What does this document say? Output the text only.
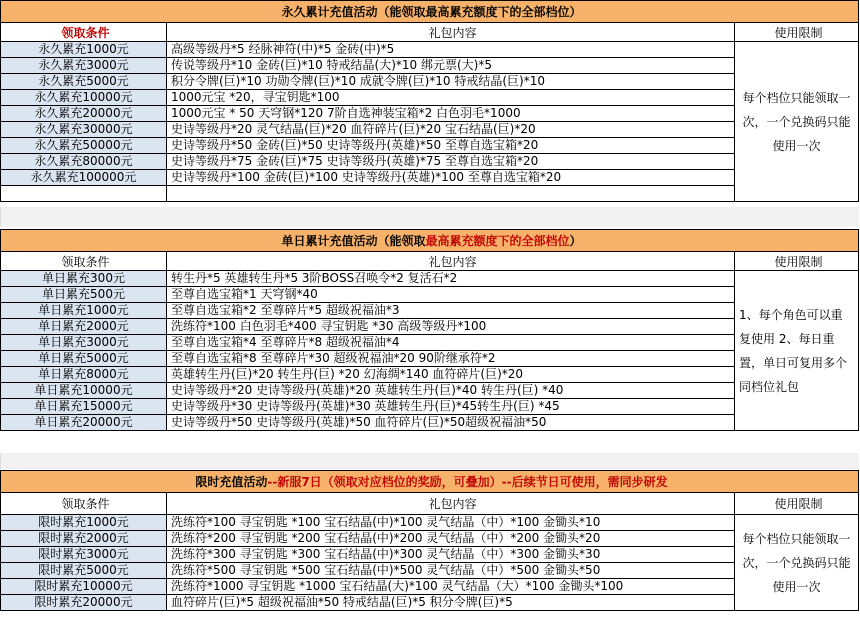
永久累计充值活动（能领取最高累充额度下的全部档位）		
领取条件	礼包内容	使用限制
永久累充1000元	高级等级丹*5 经脉神符(中)*5 金砖(中)*5	每个档位只能领取一次，一个兑换码只能使用一次
永久累充3000元	传说等级丹*10 金砖(巨)*10 特戒结晶(大)*10 绑元票(大)*5	
永久累充5000元	积分令牌(巨)*10 功勋令牌(巨)*10 成就令牌(巨)*10 特戒结晶(巨)*10	
永久累充10000元	1000元宝 *20，寻宝钥匙*100	
永久累充20000元	1000元宝 * 50 天穹钢*120 7阶自选神装宝箱*2 白色羽毛*1000	
永久累充30000元	史诗等级丹*20 灵气结晶(巨)*20 血符碎片(巨)*20 宝石结晶(巨)*20	
永久累充50000元	史诗等级丹*50 金砖(巨)*50 史诗等级丹(英雄)*50 至尊自选宝箱*20	
永久累充80000元	史诗等级丹*75 金砖(巨)*75 史诗等级丹(英雄)*75 至尊自选宝箱*20	
永久累充100000元	史诗等级丹*100 金砖(巨)*100 史诗等级丹(英雄)*100 至尊自选宝箱*20	

单日累计充值活动（能领取最高累充额度下的全部档位）		
领取条件	礼包内容	使用限制
单日累充300元	转生丹*5 英雄转生丹*5 3阶BOSS召唤令*2 复活石*2	1、每个角色可以重复使用 2、每日重置，单日可复用多个同档位礼包
单日累充500元	至尊自选宝箱*1 天穹钢*40	
单日累充1000元	至尊自选宝箱*2 至尊碎片*5 超级祝福油*3	
单日累充2000元	洗练符*100 白色羽毛*400 寻宝钥匙 *30 高级等级丹*100	
单日累充3000元	至尊自选宝箱*4 至尊碎片*8 超级祝福油*4	
单日累充5000元	至尊自选宝箱*8 至尊碎片*30 超级祝福油*20 90阶继承符*2	
单日累充8000元	英雄转生丹(巨)*20 转生丹(巨) *20 幻海绸*140 血符碎片(巨)*20	
单日累充10000元	史诗等级丹*20 史诗等级丹(英雄)*20 英雄转生丹(巨)*40 转生丹(巨) *40	
单日累充15000元	史诗等级丹*30 史诗等级丹(英雄)*30 英雄转生丹(巨)*45转生丹(巨) *45	
单日累充20000元	史诗等级丹*50 史诗等级丹(英雄)*50 血符碎片(巨)*50超级祝福油*50	
限时充值活动--新服7日（领取对应档位的奖励，可叠加）--后续节日可使用，需同步研发		
领取条件	礼包内容	使用限制
限时累充1000元	洗练符*100 寻宝钥匙 *100 宝石结晶(中)*100 灵气结晶（中）*100 金锄头*10	每个档位只能领取一次，一个兑换码只能使用一次
限时累充2000元	洗练符*200 寻宝钥匙 *200 宝石结晶(中)*200 灵气结晶（中）*200 金锄头*20	
限时累充3000元	洗练符*300 寻宝钥匙 *300 宝石结晶(中)*300 灵气结晶（中）*300 金锄头*30	
限时累充5000元	洗练符*500 寻宝钥匙 *500 宝石结晶(中)*500 灵气结晶（中）*500 金锄头*50	
限时累充10000元	洗练符*1000 寻宝钥匙 *1000 宝石结晶(大)*100 灵气结晶（大）*100 金锄头*100	
限时累充20000元	血符碎片(巨)*5 超级祝福油*50 特戒结晶(巨)*5 积分令牌(巨)*5	
